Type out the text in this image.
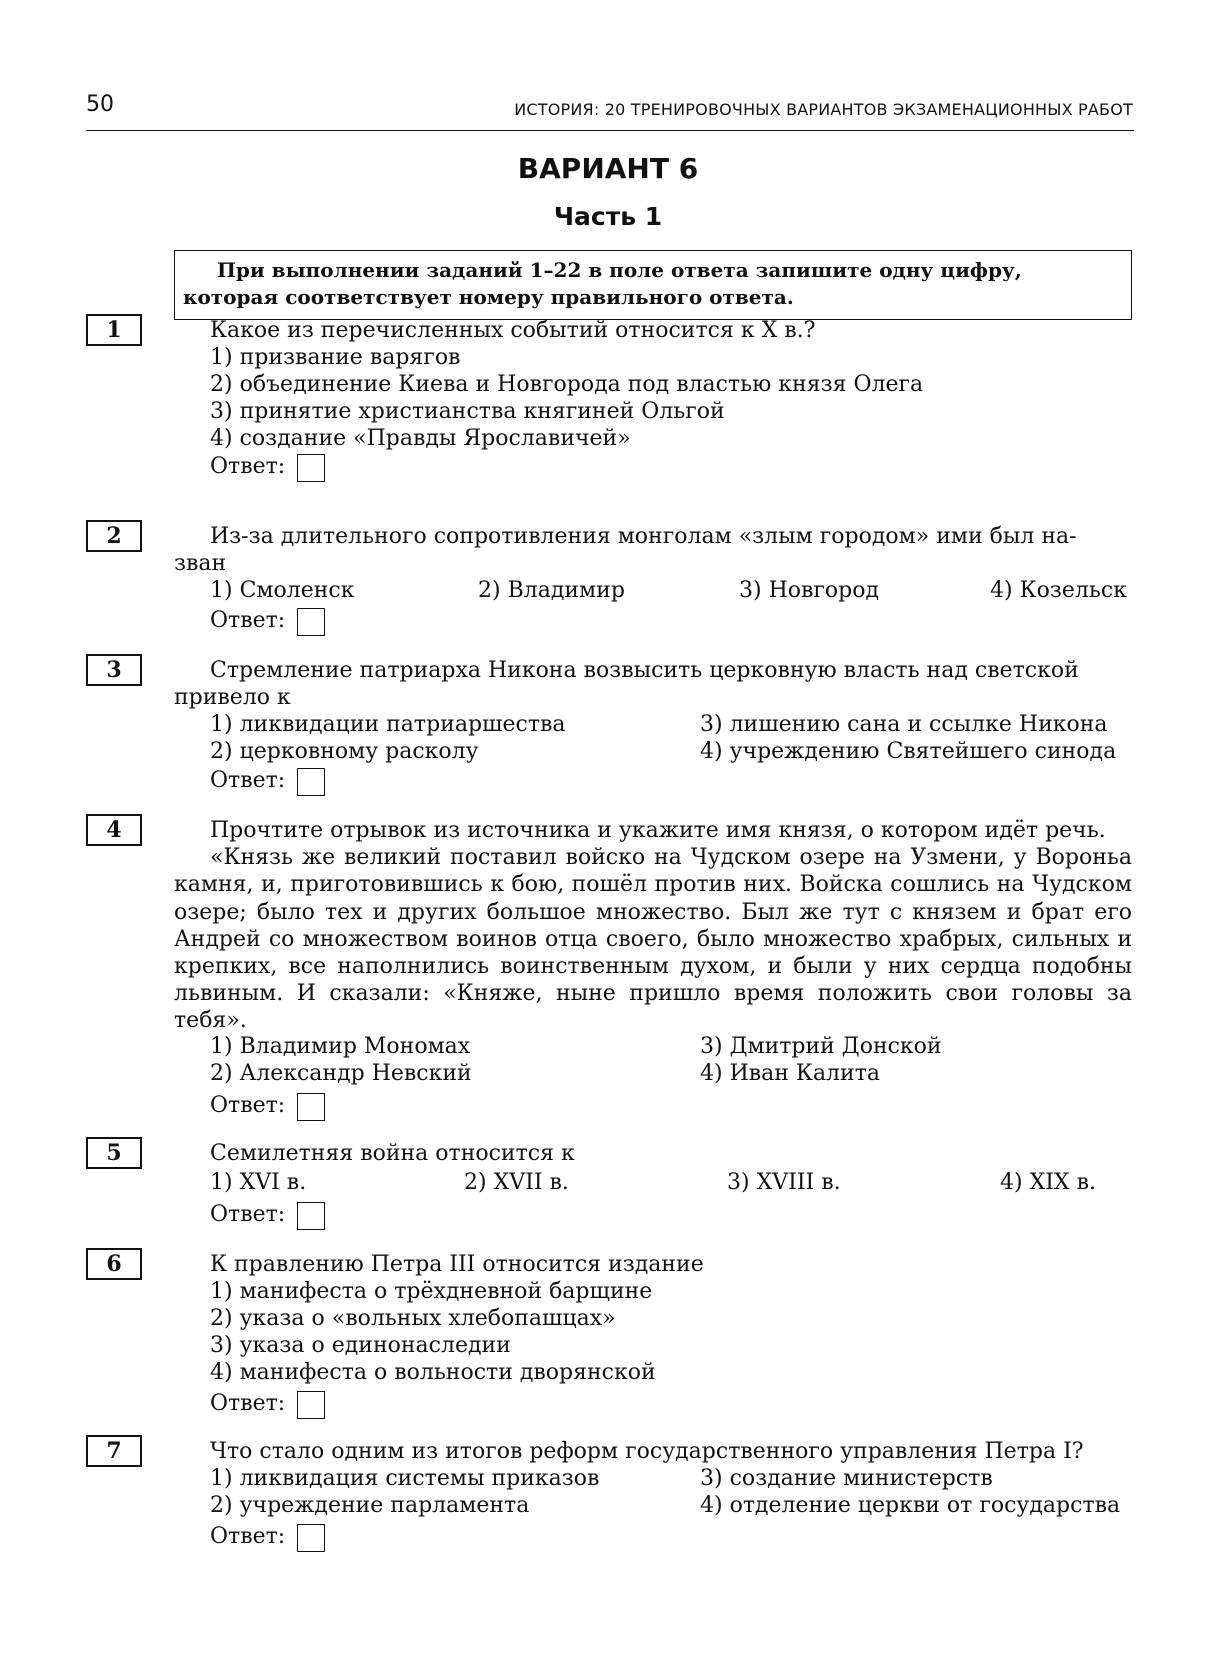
50	ИСТОРИЯ: 20 ТРЕНИРОВОЧНЫХ ВАРИАНТОВ ЭКЗАМЕНАЦИОННЫХ РАБОТ
ВАРИАНТ 6
Часть 1
При выполнении заданий 1–22 в поле ответа запишите одну цифру,
которая соответствует номеру правильного ответа.
1	Какое из перечисленных событий относится к X в.?
1) призвание варягов
2) объединение Киева и Новгорода под властью князя Олега
3) принятие христианства княгиней Ольгой
4) создание «Правды Ярославичей»
Ответ:
2	Из-за длительного сопротивления монголам «злым городом» ими был на-
зван
1) Смоленск	2) Владимир	3) Новгород	4) Козельск
Ответ:
3	Стремление патриарха Никона возвысить церковную власть над светской
привело к
1) ликвидации патриаршества	3) лишению сана и ссылке Никона
2) церковному расколу	4) учреждению Святейшего синода
Ответ:
4	Прочтите отрывок из источника и укажите имя князя, о котором идёт речь.

«Князь же великий поставил войско на Чудском озере на Узмени, у Вороньа камня, и, приготовившись к бою, пошёл против них. Войска сошлись на Чудском озере; было тех и других большое множество. Был же тут с князем и брат его Андрей со множеством воинов отца своего, было множество храбрых, сильных и крепких, все наполнились воинственным духом, и были у них сердца подобны львиным. И сказали: «Княже, ныне пришло время положить свои головы за тебя».

1) Владимир Мономах	3) Дмитрий Донской
2) Александр Невский	4) Иван Калита
Ответ:
5	Семилетняя война относится к
1) XVI в.	2) XVII в.	3) XVIII в.	4) XIX в.
Ответ:
6	К правлению Петра III относится издание
1) манифеста о трёхдневной барщине
2) указа о «вольных хлебопашцах»
3) указа о единонаследии
4) манифеста о вольности дворянской
Ответ:
7	Что стало одним из итогов реформ государственного управления Петра I?
1) ликвидация системы приказов	3) создание министерств
2) учреждение парламента	4) отделение церкви от государства
Ответ:
